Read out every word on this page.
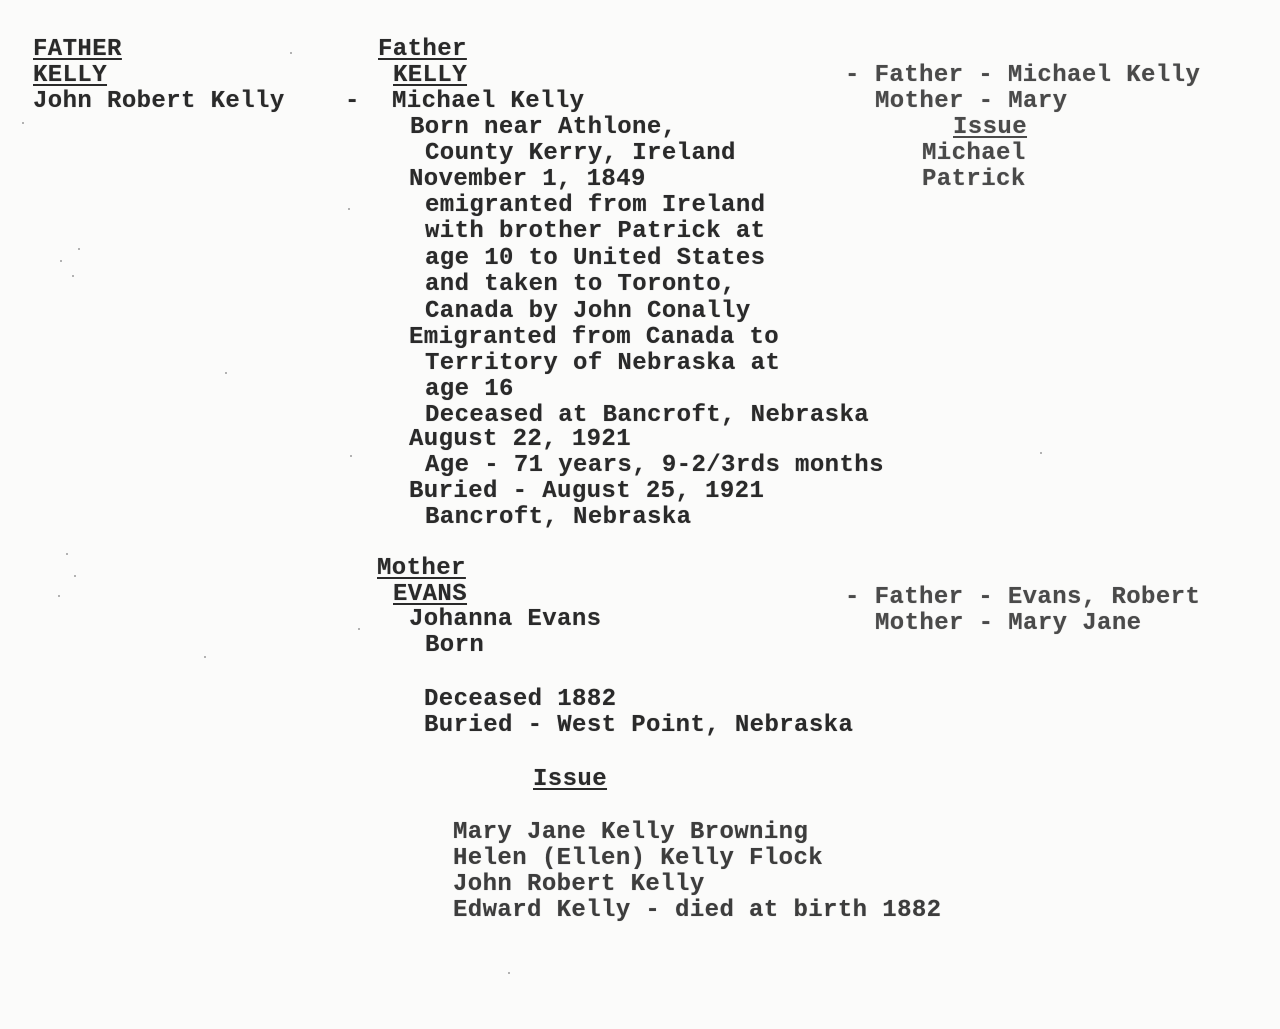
FATHER
KELLY
John Robert Kelly	-
Father
KELLY
Michael Kelly
Born near Athlone,
County Kerry, Ireland
November 1, 1849
emigranted from Ireland
with brother Patrick at
age 10 to United States
and taken to Toronto,
Canada by John Conally
Emigranted from Canada to
Territory of Nebraska at
age 16
Deceased at Bancroft, Nebraska
August 22, 1921
Age - 71 years, 9-2/3rds months
Buried - August 25, 1921
Bancroft, Nebraska
- Father - Michael Kelly
Mother - Mary
Issue
Michael
Patrick
Mother
EVANS
Johanna Evans
Born
Deceased 1882
Buried - West Point, Nebraska
- Father - Evans, Robert
Mother - Mary Jane
Issue
Mary Jane Kelly Browning
Helen (Ellen) Kelly Flock
John Robert Kelly
Edward Kelly - died at birth 1882
